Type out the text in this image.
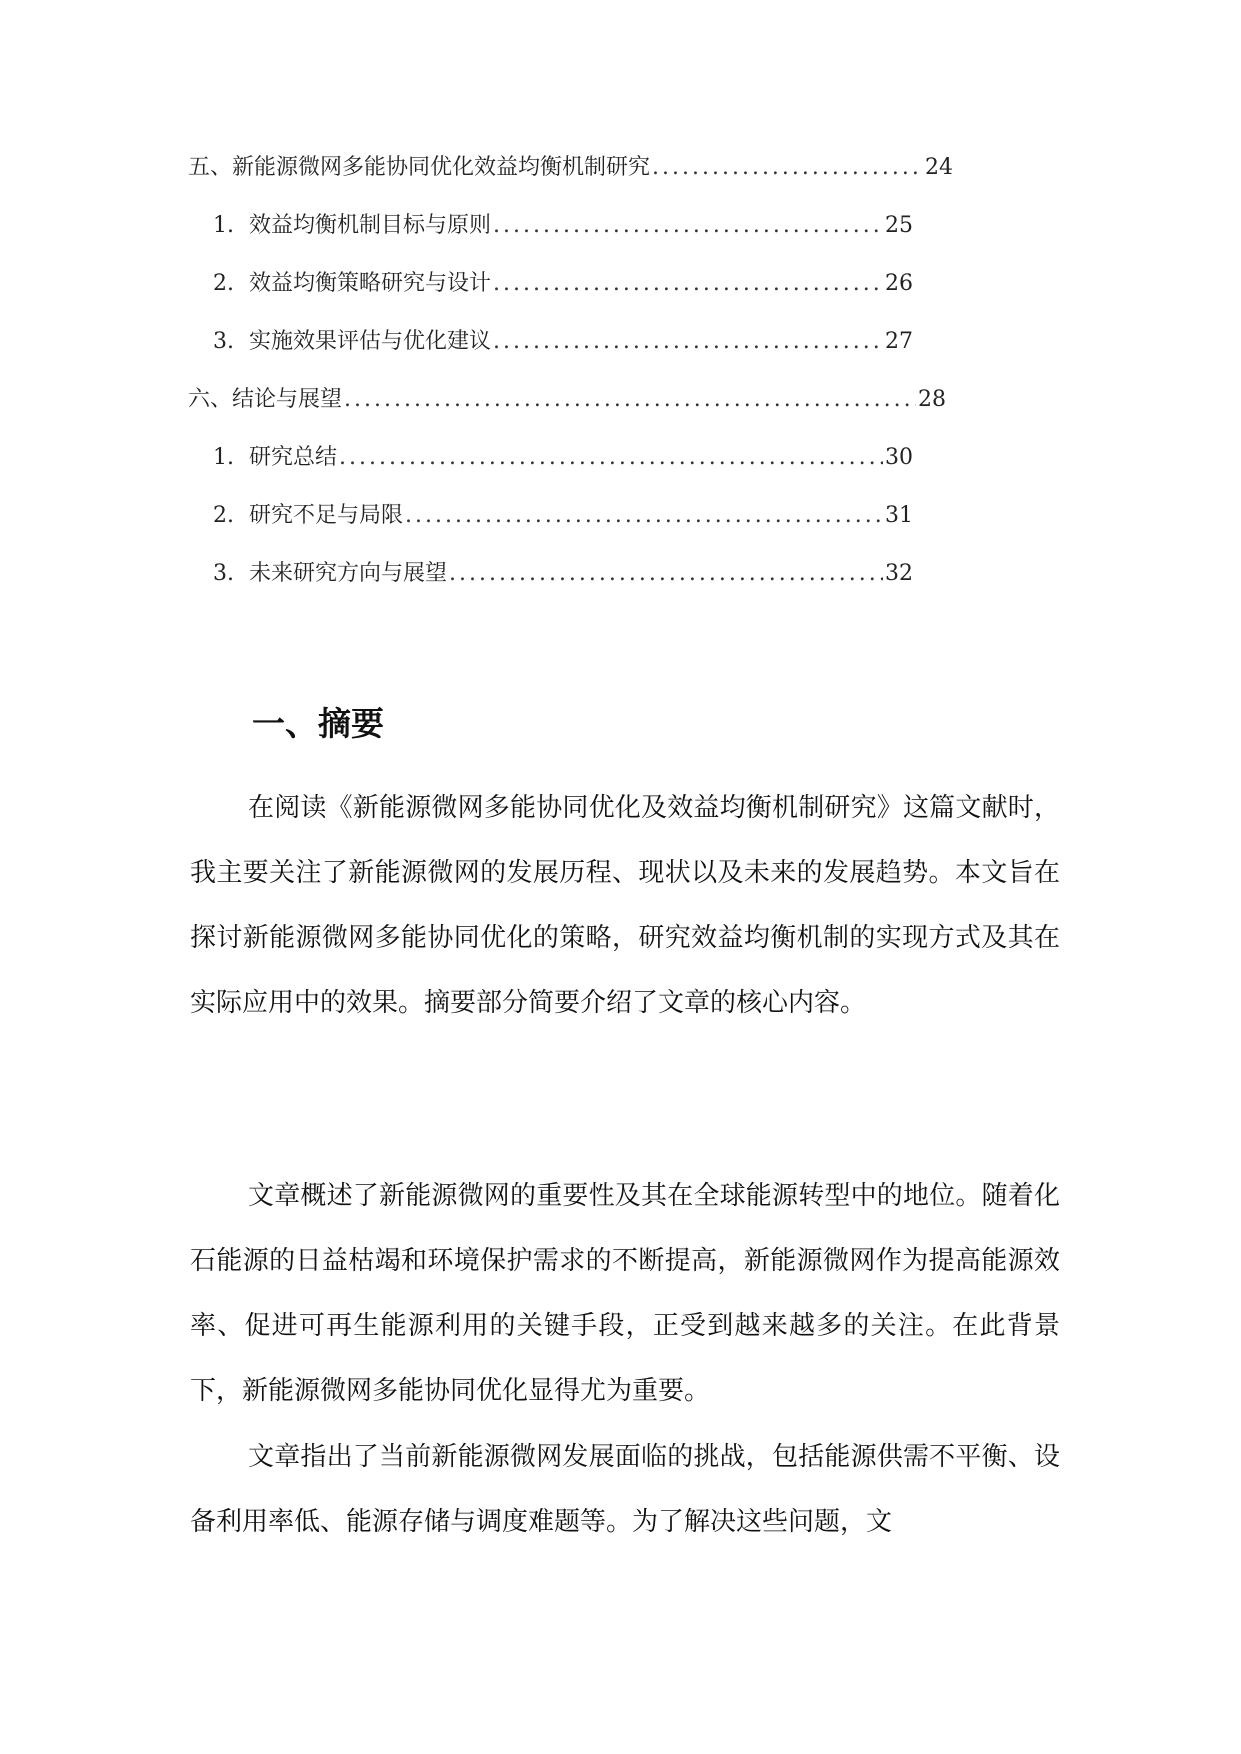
五、新能源微网多能协同优化效益均衡机制研究 .....	24
1. 效益均衡机制目标与原则 .....	25
2. 效益均衡策略研究与设计 .....	26
3. 实施效果评估与优化建议 .....	27
六、结论与展望 .....	28
1. 研究总结 .....	30
2. 研究不足与局限 .....	31
3. 未来研究方向与展望 .....	32
一、摘要

在阅读《新能源微网多能协同优化及效益均衡机制研究》这篇文献时，我主要关注了新能源微网的发展历程、现状以及未来的发展趋势。本文旨在探讨新能源微网多能协同优化的策略，研究效益均衡机制的实现方式及其在实际应用中的效果。摘要部分简要介绍了文章的核心内容。

文章概述了新能源微网的重要性及其在全球能源转型中的地位。随着化石能源的日益枯竭和环境保护需求的不断提高，新能源微网作为提高能源效率、促进可再生能源利用的关键手段，正受到越来越多的关注。在此背景下，新能源微网多能协同优化显得尤为重要。

文章指出了当前新能源微网发展面临的挑战，包括能源供需不平衡、设备利用率低、能源存储与调度难题等。为了解决这些问题，文
